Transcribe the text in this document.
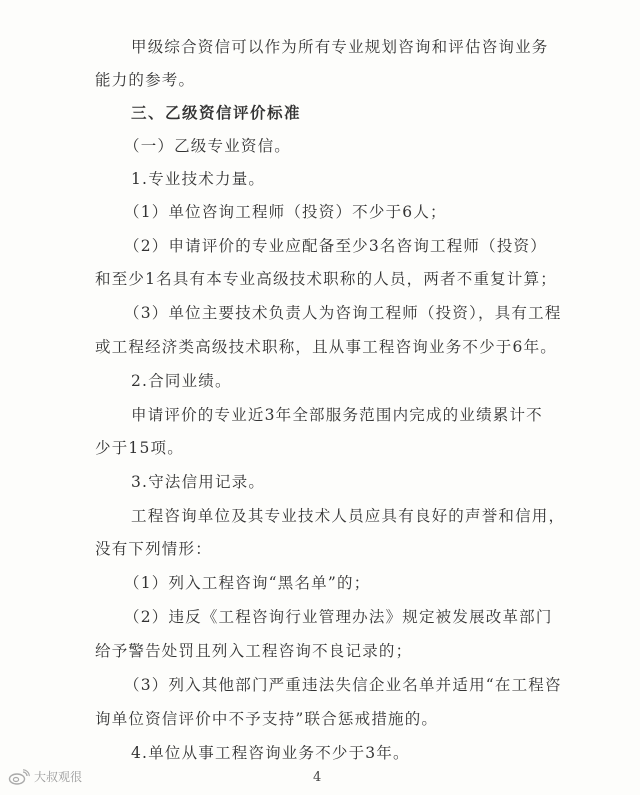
甲级综合资信可以作为所有专业规划咨询和评估咨询业务
能力的参考。
三、乙级资信评价标准
（一）乙级专业资信。
1.专业技术力量。
（1）单位咨询工程师（投资）不少于6人；
（2）申请评价的专业应配备至少3名咨询工程师（投资）
和至少1名具有本专业高级技术职称的人员，两者不重复计算；
（3）单位主要技术负责人为咨询工程师（投资），具有工程
或工程经济类高级技术职称，且从事工程咨询业务不少于6年。
2.合同业绩。
申请评价的专业近3年全部服务范围内完成的业绩累计不
少于15项。
3.守法信用记录。
工程咨询单位及其专业技术人员应具有良好的声誉和信用，
没有下列情形：
（1）列入工程咨询“黑名单”的；
（2）违反《工程咨询行业管理办法》规定被发展改革部门
给予警告处罚且列入工程咨询不良记录的；
（3）列入其他部门严重违法失信企业名单并适用“在工程咨
询单位资信评价中不予支持”联合惩戒措施的。
4.单位从事工程咨询业务不少于3年。
4
大叔观很
